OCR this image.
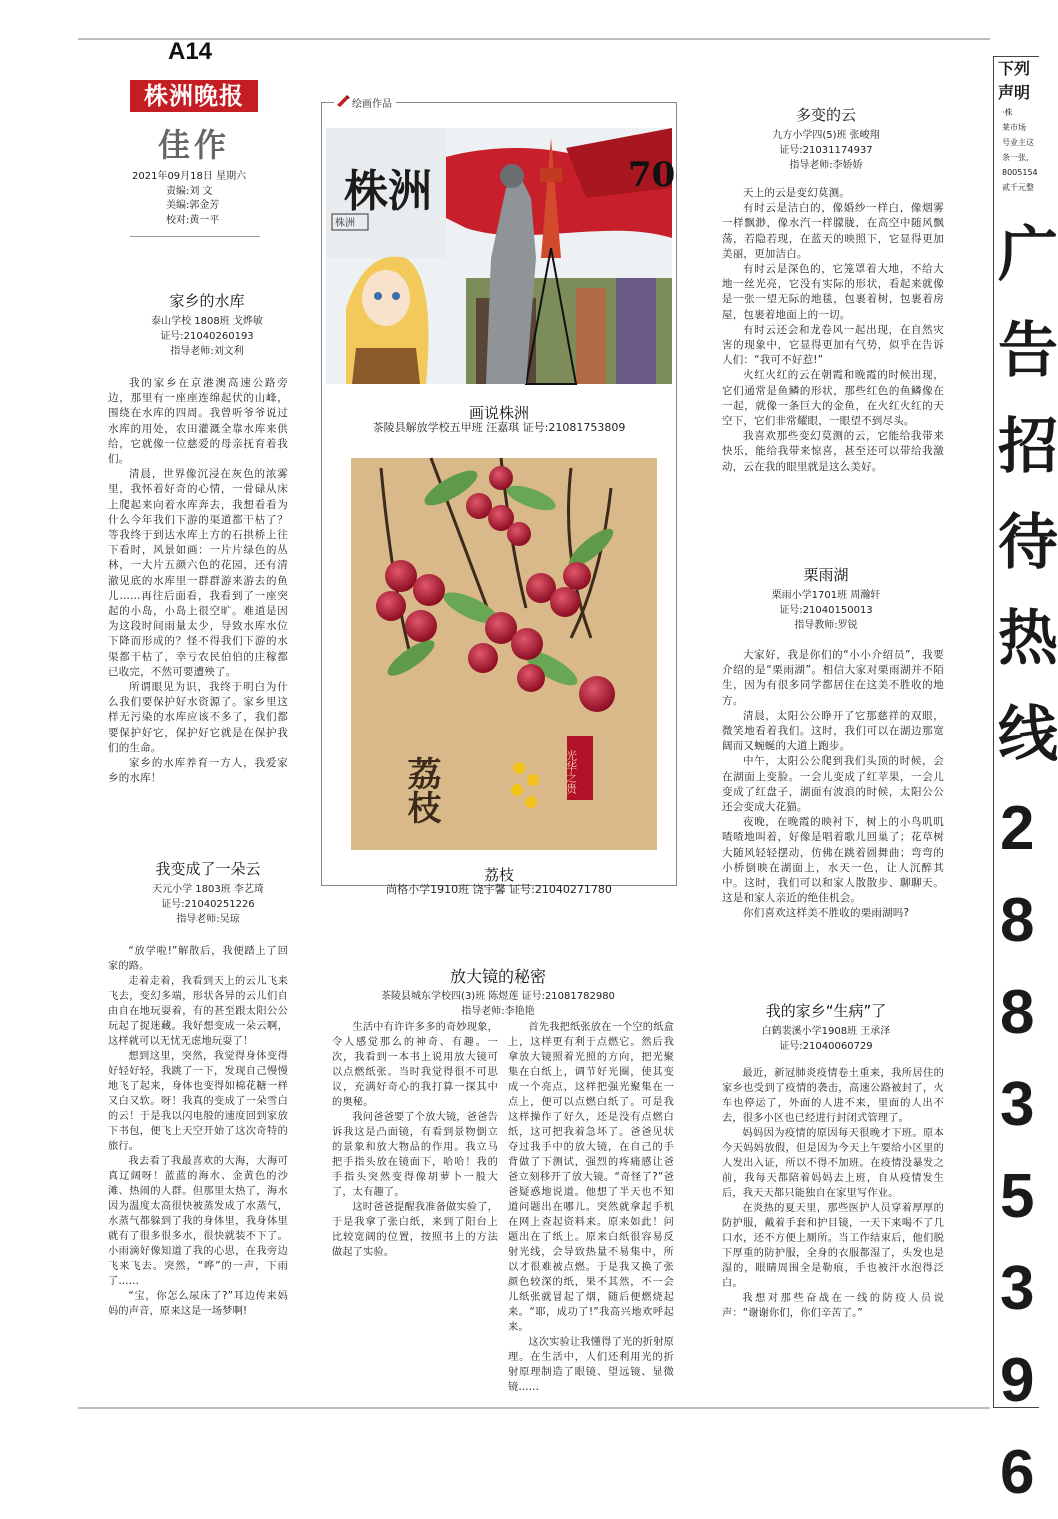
A14
株洲晚报
佳作
2021年09月18日 星期六
责编:刘 文
美编:郭金芳
校对:黄一平
家乡的水库
泰山学校 1808班 戈烨敏
证号:21040260193
指导老师:刘文利

我的家乡在京港澳高速公路旁边，那里有一座座连绵起伏的山峰，围绕在水库的四周。我曾听爷爷说过水库的用处，农田灌溉全靠水库来供给，它就像一位慈爱的母亲抚育着我们。

清晨，世界像沉浸在灰色的浓雾里，我怀着好奇的心情，一骨碌从床上爬起来向着水库奔去，我想看看为什么今年我们下游的渠道都干枯了？等我终于到达水库上方的石拱桥上往下看时，风景如画：一片片绿色的丛林，一大片五颜六色的花园，还有清澈见底的水库里一群群游来游去的鱼儿……再往后面看，我看到了一座突起的小岛，小岛上很空旷。难道是因为这段时间雨量太少，导致水库水位下降而形成的？怪不得我们下游的水渠都干枯了，幸亏农民伯伯的庄稼都已收完，不然可要遭殃了。

所谓眼见为识，我终于明白为什么我们要保护好水资源了。家乡里这样无污染的水库应该不多了，我们都要保护好它，保护好它就是在保护我们的生命。

家乡的水库养育一方人，我爱家乡的水库！

我变成了一朵云
天元小学 1803班 李艺琦
证号:21040251226
指导老师:吴琼

“放学啦!”解散后，我便踏上了回家的路。

走着走着，我看到天上的云儿飞来飞去，变幻多端，形状各异的云儿们自由自在地玩耍着，有的甚至跟太阳公公玩起了捉迷藏。我好想变成一朵云啊，这样就可以无忧无虑地玩耍了！

想到这里，突然，我觉得身体变得好轻好轻，我跳了一下，发现自己慢慢地飞了起来，身体也变得如棉花糖一样又白又软。呀！我真的变成了一朵雪白的云！于是我以闪电般的速度回到家放下书包，便飞上天空开始了这次奇特的旅行。

我去看了我最喜欢的大海，大海可真辽阔呀！蓝蓝的海水、金黄色的沙滩、热闹的人群。但那里太热了，海水因为温度太高很快被蒸发成了水蒸气，水蒸气都躲到了我的身体里，我身体里就有了很多很多水，很快就装不下了。小雨滴好像知道了我的心思，在我旁边飞来飞去。突然，“哗”的一声，下雨了……

“宝，你怎么尿床了?”耳边传来妈妈的声音，原来这是一场梦啊!

绘画作品
70
株洲
株洲
画说株洲
茶陵县解放学校五甲班 汪嘉琪 证号:21081753809
荔枝	光华之贵
荔枝
尚格小学1910班 饶宇馨 证号:21040271780
放大镜的秘密
茶陵县城东学校四(3)班 陈煜莲 证号:21081782980
指导老师:李艳艳

生活中有许许多多的奇妙现象，令人感觉那么的神奇、有趣。一次，我看到一本书上说用放大镜可以点燃纸张。当时我觉得很不可思议，充满好奇心的我打算一探其中的奥秘。

我问爸爸要了个放大镜，爸爸告诉我这是凸面镜，有看到景物倒立的景象和放大物品的作用。我立马把手指头放在镜面下，哈哈！我的手指头突然变得像胡萝卜一般大了，太有趣了。

这时爸爸提醒我准备做实验了，于是我拿了张白纸，来到了阳台上比较宽阔的位置，按照书上的方法做起了实验。

首先我把纸张放在一个空的纸盒上，这样更有利于点燃它。然后我拿放大镜照着光照的方向，把光聚集在白纸上，调节好光圈，使其变成一个亮点，这样把强光聚集在一点上，便可以点燃白纸了。可是我这样操作了好久，还是没有点燃白纸，这可把我着急坏了。爸爸见状夺过我手中的放大镜，在自己的手背做了下测试，强烈的疼痛感让爸爸立刻移开了放大镜。“奇怪了?”爸爸疑惑地说道。他想了半天也不知道问题出在哪儿。突然就拿起手机在网上查起资料来。原来如此！问题出在了纸上。原来白纸很容易反射光线，会导致热量不易集中，所以才很难被点燃。于是我又换了张颜色较深的纸，果不其然，不一会儿纸张就冒起了烟，随后便燃烧起来。“耶，成功了!”我高兴地欢呼起来。

这次实验让我懂得了光的折射原理。在生活中，人们还利用光的折射原理制造了眼镜、望远镜、显微镜……

多变的云
九方小学四(5)班 张峻翔
证号:21031174937
指导老师:李娇娇

天上的云是变幻莫测。

有时云是洁白的，像婚纱一样白，像烟雾一样飘渺，像水汽一样朦胧，在高空中随风飘荡，若隐若现，在蓝天的映照下，它显得更加美丽，更加洁白。

有时云是深色的，它笼罩着大地，不给大地一丝光亮，它没有实际的形状，看起来就像是一张一望无际的地毯，包裹着树，包裹着房屋，包裹着地面上的一切。

有时云还会和龙卷风一起出现，在自然灾害的现象中，它显得更加有气势，似乎在告诉人们：“我可不好惹!”

火红火红的云在朝霞和晚霞的时候出现，它们通常是鱼鳞的形状，那些红色的鱼鳞像在一起，就像一条巨大的金鱼，在火红火红的天空下，它们非常耀眼，一眼望不到尽头。

我喜欢那些变幻莫测的云，它能给我带来快乐，能给我带来惊喜，甚至还可以带给我激动，云在我的眼里就是这么美好。

栗雨湖
栗雨小学1701班 周瀚轩
证号:21040150013
指导教师:罗锐

大家好，我是你们的“小小介绍员”，我要介绍的是“栗雨湖”。相信大家对栗雨湖并不陌生，因为有很多同学都居住在这美不胜收的地方。

清晨，太阳公公睁开了它那慈祥的双眼，微笑地看着我们。这时，我们可以在湖边那宽阔而又蜿蜒的大道上跑步。

中午，太阳公公爬到我们头顶的时候，会在湖面上变脸。一会儿变成了红苹果，一会儿变成了红盘子，湖面有波浪的时候，太阳公公还会变成大花猫。

夜晚，在晚霞的映衬下，树上的小鸟叽叽喳喳地叫着，好像是唱着歌儿回巢了；花草树大随风轻轻摆动，仿佛在跳着圆舞曲；弯弯的小桥倒映在湖面上，水天一色，让人沉醉其中。这时，我们可以和家人散散步、聊聊天。这是和家人亲近的绝佳机会。

你们喜欢这样美不胜收的栗雨湖吗?

我的家乡“生病”了
白鹤裴溪小学1908班 王承泽
证号:21040060729

最近，新冠肺炎疫情卷土重来，我所居住的家乡也受到了疫情的袭击，高速公路被封了，火车也停运了，外面的人进不来，里面的人出不去，很多小区也已经进行封闭式管理了。

妈妈因为疫情的原因每天很晚才下班。原本今天妈妈放假，但是因为今天上午要给小区里的人发出入证，所以不得不加班。在疫情没暴发之前，我每天都陪着妈妈去上班，自从疫情发生后，我天天都只能独自在家里写作业。

在炎热的夏天里，那些医护人员穿着厚厚的防护服，戴着手套和护目镜，一天下来喝不了几口水，还不方便上厕所。当工作结束后，他们脱下厚重的防护服，全身的衣服都湿了，头发也是湿的，眼睛周围全是勒痕，手也被汗水泡得泛白。

我想对那些奋战在一线的防疫人员说声：“谢谢你们，你们辛苦了。”

下列
声明
·株
莱市场
号业主这
条一张，
8005154
贰千元整
广
告
招
待
热
线
2
8
8
3
5
3
9
6
